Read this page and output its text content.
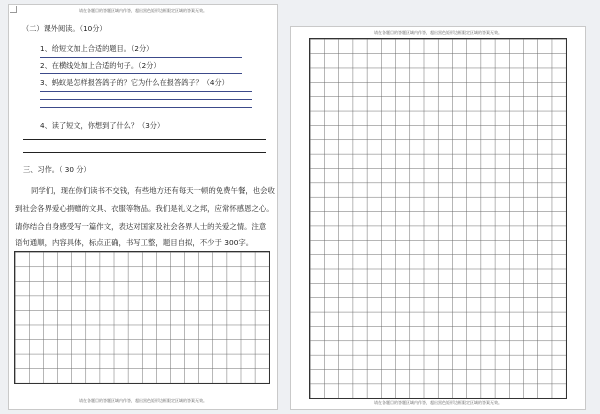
请在各题目的答题区域内作答，超出黑色矩形边框限定区域的答案无效。
（二）课外阅读。（10分）
1、给短文加上合适的题目。（2分）
2、在横线处加上合适的句子。（2分）
3、蚂蚁是怎样报答鸽子的？它为什么在报答鸽子？（4分）
4、读了短文，你想到了什么？（3分）
三、习作。（ 30 分）
同学们，现在你们读书不交钱，有些地方还有每天一顿的免费午餐，也会收
到社会各界爱心捐赠的文具、衣服等物品。我们是礼义之邦，应常怀感恩之心。
请你结合自身感受写一篇作文，表达对国家及社会各界人士的关爱之情。注意
语句通顺，内容具体，标点正确，书写工整，题目自拟，不少于 300字。
请在各题目的答题区域内作答，超出黑色矩形边框限定区域的答案无效。
请在各题目的答题区域内作答，超出黑色矩形边框限定区域的答案无效。
请在各题目的答题区域内作答，超出黑色矩形边框限定区域的答案无效。
